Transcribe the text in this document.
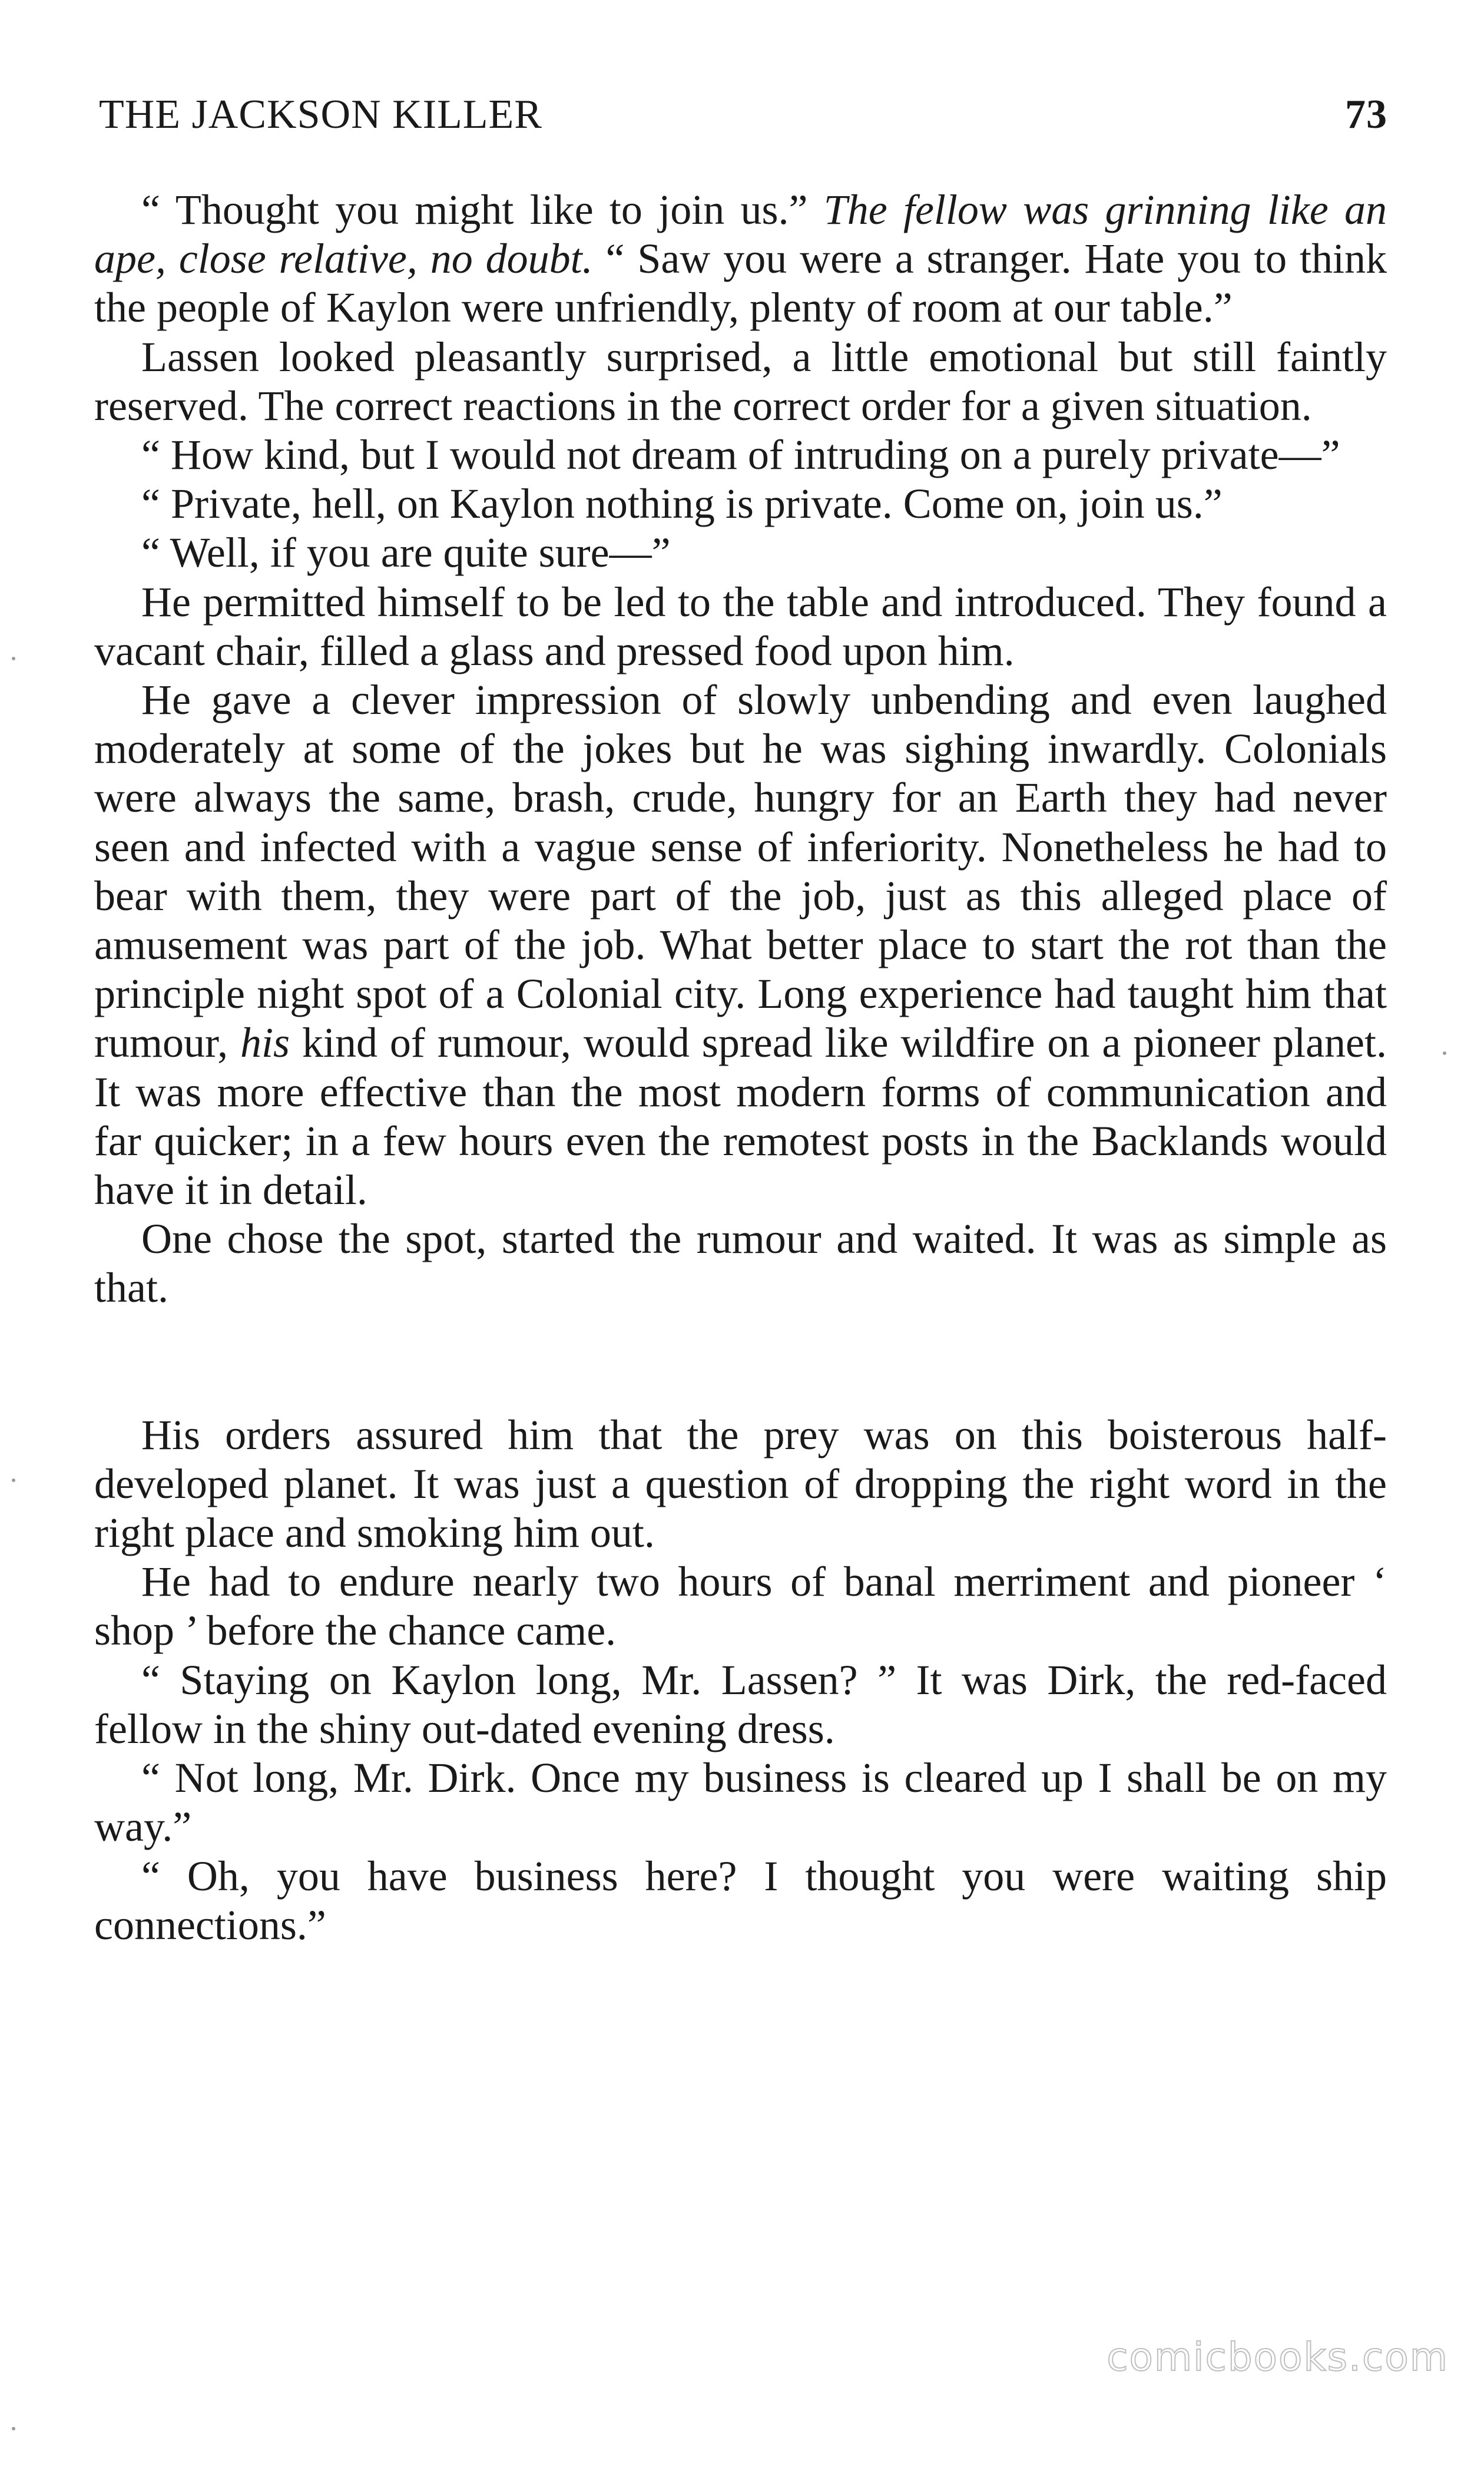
THE JACKSON KILLER	73

“ Thought you might like to join us.” The fellow was grinning like an ape, close relative, no doubt. “ Saw you were a stranger. Hate you to think the people of Kaylon were unfriendly, plenty of room at our table.”

Lassen looked pleasantly surprised, a little emotional but still faintly reserved. The correct reactions in the correct order for a given situation.

“ How kind, but I would not dream of intruding on a purely private—”

“ Private, hell, on Kaylon nothing is private. Come on, join us.”

“ Well, if you are quite sure—”

He permitted himself to be led to the table and introduced. They found a vacant chair, filled a glass and pressed food upon him.

He gave a clever impression of slowly unbending and even laughed moderately at some of the jokes but he was sighing inwardly. Colonials were always the same, brash, crude, hungry for an Earth they had never seen and infected with a vague sense of inferiority. Nonetheless he had to bear with them, they were part of the job, just as this alleged place of amusement was part of the job. What better place to start the rot than the principle night spot of a Colonial city. Long experience had taught him that rumour, his kind of rumour, would spread like wildfire on a pioneer planet. It was more effective than the most modern forms of communication and far quicker; in a few hours even the remotest posts in the Backlands would have it in detail.

One chose the spot, started the rumour and waited. It was as simple as that.

His orders assured him that the prey was on this boisterous half-developed planet. It was just a question of dropping the right word in the right place and smoking him out.

He had to endure nearly two hours of banal merriment and pioneer ‘ shop ’ before the chance came.

“ Staying on Kaylon long, Mr. Lassen? ” It was Dirk, the red-faced fellow in the shiny out-dated evening dress.

“ Not long, Mr. Dirk. Once my business is cleared up I shall be on my way.”

“ Oh, you have business here? I thought you were waiting ship connections.”

comicbooks.com
